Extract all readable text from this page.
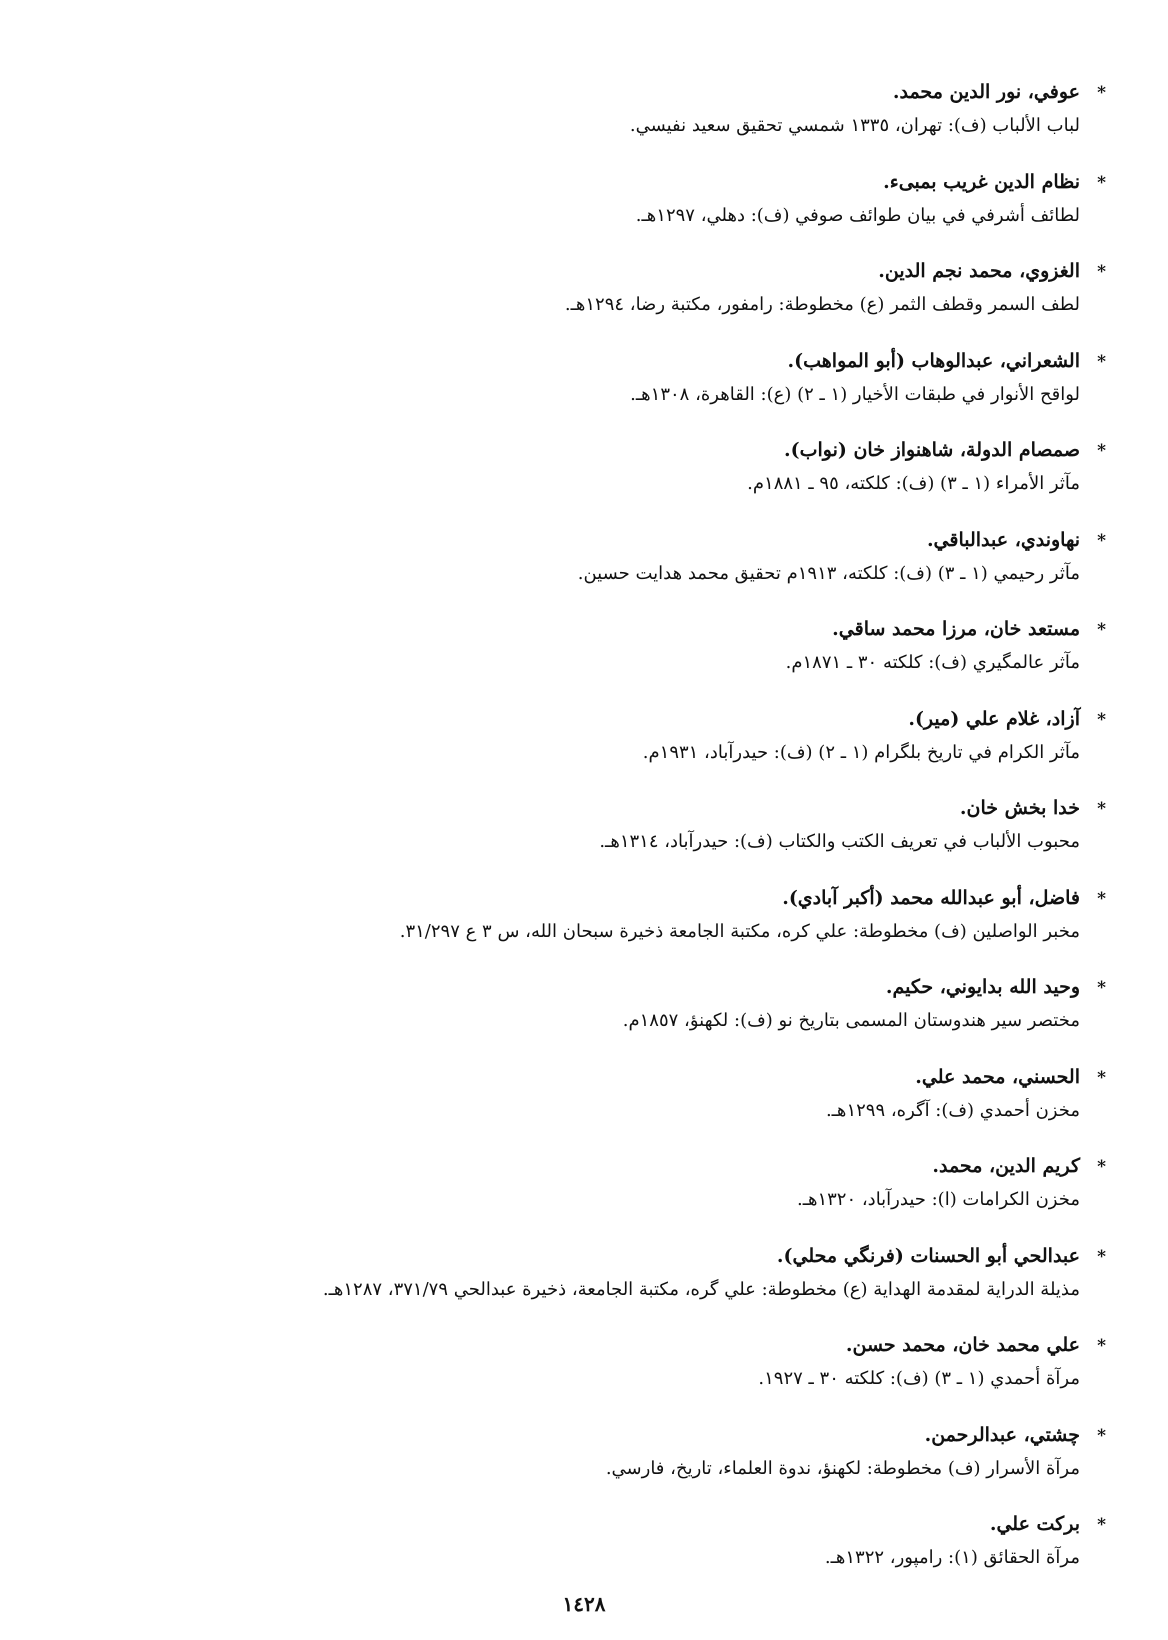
*عوفي، نور الدين محمد.
لباب الألباب (ف): تهران، ١٣٣٥ شمسي تحقيق سعيد نفيسي.
*نظام الدين غريب بمبىء.
لطائف أشرفي في بيان طوائف صوفي (ف): دهلي، ١٢٩٧هـ.
*الغزوي، محمد نجم الدين.
لطف السمر وقطف الثمر (ع) مخطوطة: رامفور، مكتبة رضا، ١٢٩٤هـ.
*الشعراني، عبدالوهاب (أبو المواهب).
لواقح الأنوار في طبقات الأخيار (١ ـ ٢) (ع): القاهرة، ١٣٠٨هـ.
*صمصام الدولة، شاهنواز خان (نواب).
مآثر الأمراء (١ ـ ٣) (ف): كلكته، ٩٥ ـ ١٨٨١م.
*نهاوندي، عبدالباقي.
مآثر رحيمي (١ ـ ٣) (ف): كلكته، ١٩١٣م تحقيق محمد هدايت حسين.
*مستعد خان، مرزا محمد ساقي.
مآثر عالمگيري (ف): كلكته ٣٠ ـ ١٨٧١م.
*آزاد، غلام علي (مير).
مآثر الكرام في تاريخ بلگرام (١ ـ ٢) (ف): حيدرآباد، ١٩٣١م.
*خدا بخش خان.
محبوب الألباب في تعريف الكتب والكتاب (ف): حيدرآباد، ١٣١٤هـ.
*فاضل، أبو عبدالله محمد (أكبر آبادي).
مخبر الواصلين (ف) مخطوطة: علي كره، مكتبة الجامعة ذخيرة سبحان الله، س ٣ ع ٣١/٢٩٧.
*وحيد الله بدايوني، حكيم.
مختصر سير هندوستان المسمى بتاريخ نو (ف): لكهنؤ، ١٨٥٧م.
*الحسني، محمد علي.
مخزن أحمدي (ف): آگره، ١٢٩٩هـ.
*كريم الدين، محمد.
مخزن الكرامات (ا): حيدرآباد، ١٣٢٠هـ.
*عبدالحي أبو الحسنات (فرنگي محلي).
مذيلة الدراية لمقدمة الهداية (ع) مخطوطة: علي گره، مكتبة الجامعة، ذخيرة عبدالحي ٣٧١/٧٩، ١٢٨٧هـ.
*علي محمد خان، محمد حسن.
مرآة أحمدي (١ ـ ٣) (ف): كلكته ٣٠ ـ ١٩٢٧.
*چشتي، عبدالرحمن.
مرآة الأسرار (ف) مخطوطة: لكهنؤ، ندوة العلماء، تاريخ، فارسي.
*بركت علي.
مرآة الحقائق (١): رامپور، ١٣٢٢هـ.
١٤٢٨
